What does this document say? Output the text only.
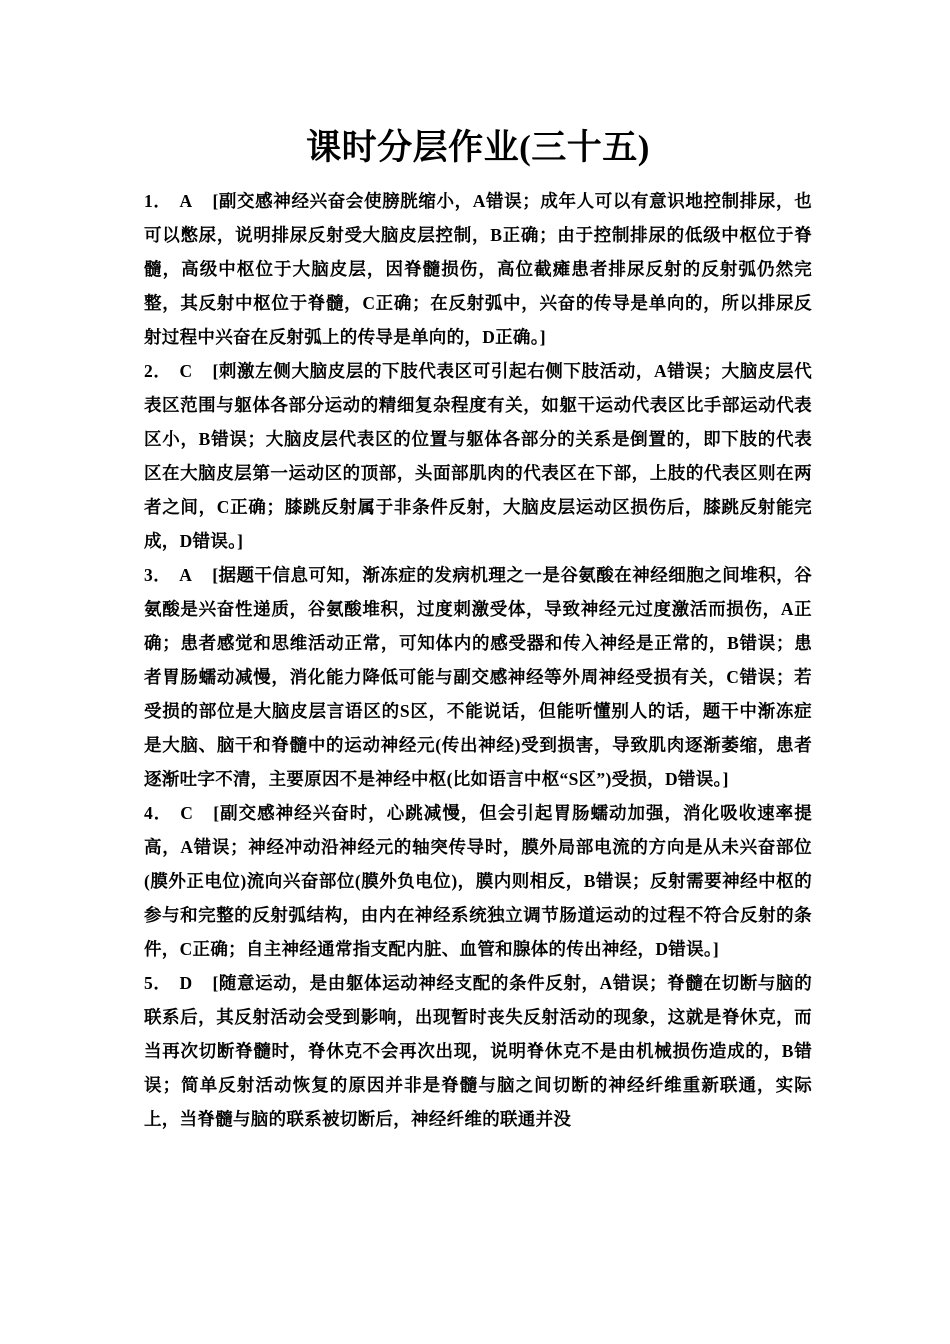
课时分层作业(三十五)

1． A [副交感神经兴奋会使膀胱缩小，A错误；成年人可以有意识地控制排尿，也可以憋尿，说明排尿反射受大脑皮层控制，B正确；由于控制排尿的低级中枢位于脊髓，高级中枢位于大脑皮层，因脊髓损伤，高位截瘫患者排尿反射的反射弧仍然完整，其反射中枢位于脊髓，C正确；在反射弧中，兴奋的传导是单向的，所以排尿反射过程中兴奋在反射弧上的传导是单向的，D正确。]

2． C [刺激左侧大脑皮层的下肢代表区可引起右侧下肢活动，A错误；大脑皮层代表区范围与躯体各部分运动的精细复杂程度有关，如躯干运动代表区比手部运动代表区小，B错误；大脑皮层代表区的位置与躯体各部分的关系是倒置的，即下肢的代表区在大脑皮层第一运动区的顶部，头面部肌肉的代表区在下部，上肢的代表区则在两者之间，C正确；膝跳反射属于非条件反射，大脑皮层运动区损伤后，膝跳反射能完成，D错误。]

3． A [据题干信息可知，渐冻症的发病机理之一是谷氨酸在神经细胞之间堆积，谷氨酸是兴奋性递质，谷氨酸堆积，过度刺激受体，导致神经元过度激活而损伤，A正确；患者感觉和思维活动正常，可知体内的感受器和传入神经是正常的，B错误；患者胃肠蠕动减慢，消化能力降低可能与副交感神经等外周神经受损有关，C错误；若受损的部位是大脑皮层言语区的S区，不能说话，但能听懂别人的话，题干中渐冻症是大脑、脑干和脊髓中的运动神经元(传出神经)受到损害，导致肌肉逐渐萎缩，患者逐渐吐字不清，主要原因不是神经中枢(比如语言中枢“S区”)受损，D错误。]

4． C [副交感神经兴奋时，心跳减慢，但会引起胃肠蠕动加强，消化吸收速率提高，A错误；神经冲动沿神经元的轴突传导时，膜外局部电流的方向是从未兴奋部位(膜外正电位)流向兴奋部位(膜外负电位)，膜内则相反，B错误；反射需要神经中枢的参与和完整的反射弧结构，由内在神经系统独立调节肠道运动的过程不符合反射的条件，C正确；自主神经通常指支配内脏、血管和腺体的传出神经，D错误。]

5． D [随意运动，是由躯体运动神经支配的条件反射，A错误；脊髓在切断与脑的联系后，其反射活动会受到影响，出现暂时丧失反射活动的现象，这就是脊休克，而当再次切断脊髓时，脊休克不会再次出现，说明脊休克不是由机械损伤造成的，B错误；简单反射活动恢复的原因并非是脊髓与脑之间切断的神经纤维重新联通，实际上，当脊髓与脑的联系被切断后，神经纤维的联通并没
